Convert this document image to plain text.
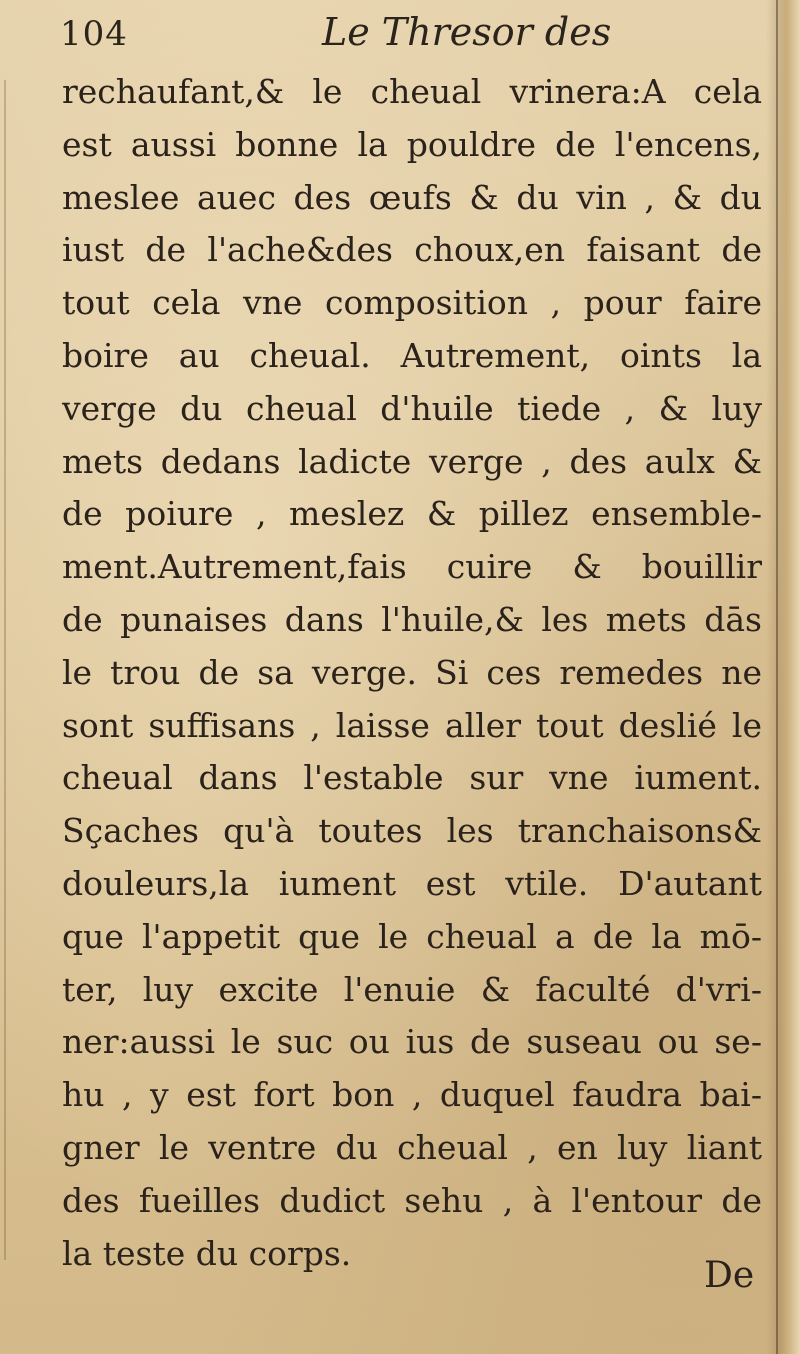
104	Le Thresor des
rechaufant,& le cheual vrinera:A cela
est aussi bonne la pouldre de l'encens,
meslee auec des œufs & du vin , & du
iust de l'ache&des choux,en faisant de
tout cela vne composition , pour faire
boire au cheual. Autrement, oints la
verge du cheual d'huile tiede , & luy
mets dedans ladicte verge , des aulx &
de poiure , meslez & pillez ensemble-
ment.Autrement,fais cuire & bouillir
de punaises dans l'huile,& les mets dās
le trou de sa verge. Si ces remedes ne
sont suffisans , laisse aller tout deslié le
cheual dans l'estable sur vne iument.
Sçaches qu'à toutes les tranchaisons&
douleurs,la iument est vtile. D'autant
que l'appetit que le cheual a de la mō-
ter, luy excite l'enuie & faculté d'vri-
ner:aussi le suc ou ius de suseau ou se-
hu , y est fort bon , duquel faudra bai-
gner le ventre du cheual , en luy liant
des fueilles dudict sehu , à l'entour de
la teste du corps.
De
